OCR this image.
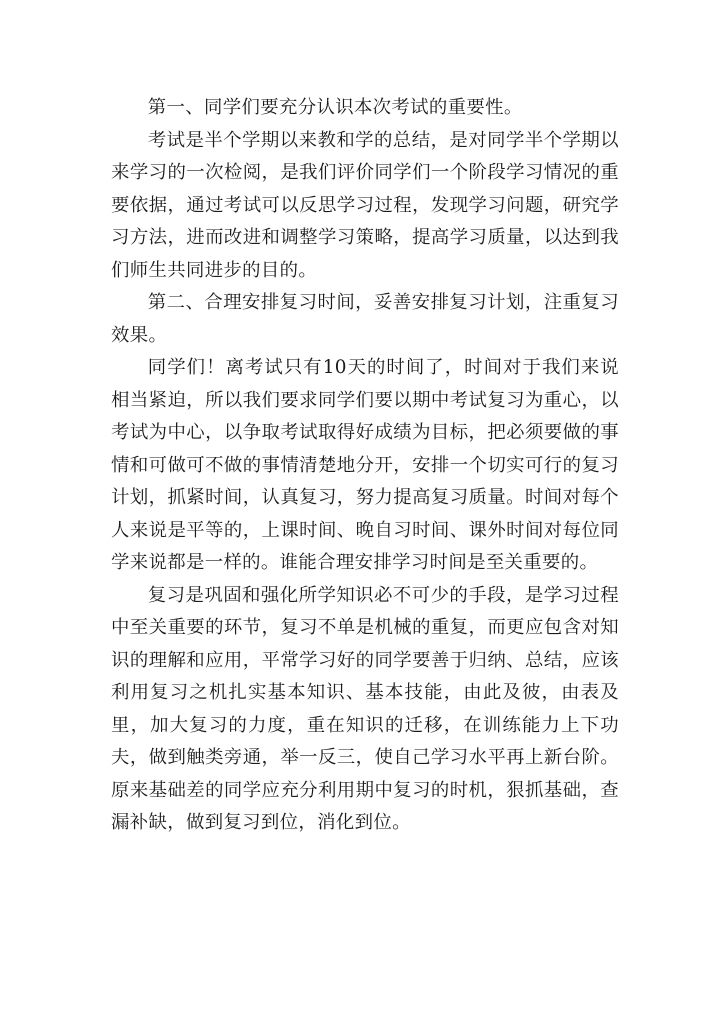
第一、同学们要充分认识本次考试的重要性。

考试是半个学期以来教和学的总结，是对同学半个学期以来学习的一次检阅，是我们评价同学们一个阶段学习情况的重要依据，通过考试可以反思学习过程，发现学习问题，研究学习方法，进而改进和调整学习策略，提高学习质量，以达到我们师生共同进步的目的。

第二、合理安排复习时间，妥善安排复习计划，注重复习效果。

同学们！离考试只有10天的时间了，时间对于我们来说相当紧迫，所以我们要求同学们要以期中考试复习为重心，以考试为中心，以争取考试取得好成绩为目标，把必须要做的事情和可做可不做的事情清楚地分开，安排一个切实可行的复习计划，抓紧时间，认真复习，努力提高复习质量。时间对每个人来说是平等的，上课时间、晚自习时间、课外时间对每位同学来说都是一样的。谁能合理安排学习时间是至关重要的。

复习是巩固和强化所学知识必不可少的手段，是学习过程中至关重要的环节，复习不单是机械的重复，而更应包含对知识的理解和应用，平常学习好的同学要善于归纳、总结，应该利用复习之机扎实基本知识、基本技能，由此及彼，由表及里，加大复习的力度，重在知识的迁移，在训练能力上下功夫，做到触类旁通，举一反三，使自己学习水平再上新台阶。原来基础差的同学应充分利用期中复习的时机，狠抓基础，查漏补缺，做到复习到位，消化到位。
